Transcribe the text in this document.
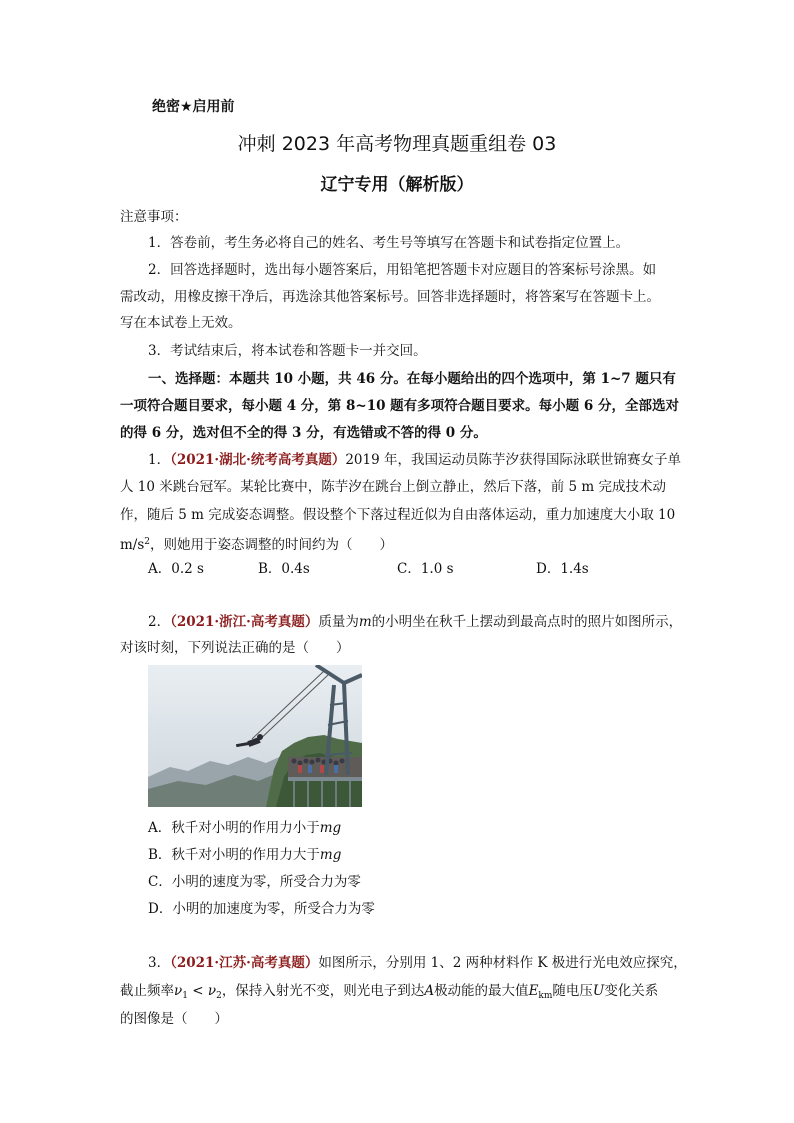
绝密★启用前
冲刺 2023 年高考物理真题重组卷 03
辽宁专用（解析版）
注意事项：
1．答卷前，考生务必将自己的姓名、考生号等填写在答题卡和试卷指定位置上。
2．回答选择题时，选出每小题答案后，用铅笔把答题卡对应题目的答案标号涂黑。如
需改动，用橡皮擦干净后，再选涂其他答案标号。回答非选择题时，将答案写在答题卡上。
写在本试卷上无效。
3．考试结束后，将本试卷和答题卡一并交回。
一、选择题：本题共 10 小题，共 46 分。在每小题给出的四个选项中，第 1~7 题只有
一项符合题目要求，每小题 4 分，第 8~10 题有多项符合题目要求。每小题 6 分，全部选对
的得 6 分，选对但不全的得 3 分，有选错或不答的得 0 分。
1．（2021·湖北·统考高考真题）2019 年，我国运动员陈芋汐获得国际泳联世锦赛女子单
人 10 米跳台冠军。某轮比赛中，陈芋汐在跳台上倒立静止，然后下落，前 5 m 完成技术动
作，随后 5 m 完成姿态调整。假设整个下落过程近似为自由落体运动，重力加速度大小取 10
$m/s^2$，则她用于姿态调整的时间约为（　　）
A．0.2 s	B．0.4s	C．1.0 s	D．1.4s
2．（2021·浙江·高考真题）质量为m的小明坐在秋千上摆动到最高点时的照片如图所示，
对该时刻，下列说法正确的是（　　）
A．秋千对小明的作用力小于mg
B．秋千对小明的作用力大于mg
C．小明的速度为零，所受合力为零
D．小明的加速度为零，所受合力为零
3．（2021·江苏·高考真题）如图所示，分别用 1、2 两种材料作 K 极进行光电效应探究，
截止频率$\nu_1 < \nu_2$，保持入射光不变，则光电子到达A极动能的最大值$E_{km}$随电压U变化关系
的图像是（　　）
